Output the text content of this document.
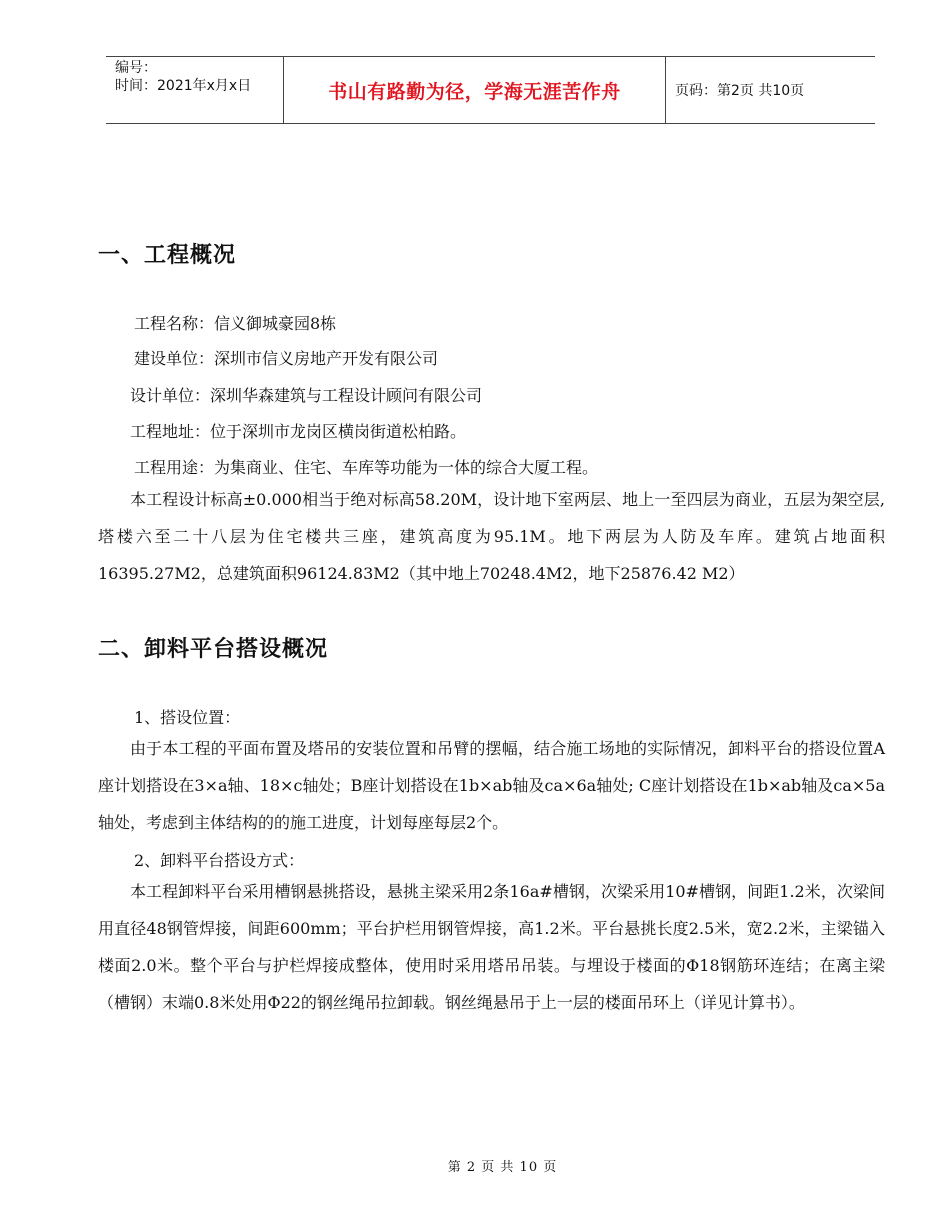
编号：
时间：2021年x月x日	书山有路勤为径，学海无涯苦作舟	页码：第2页 共10页
一、工程概况
工程名称：信义御城豪园8栋
建设单位：深圳市信义房地产开发有限公司
设计单位：深圳华森建筑与工程设计顾问有限公司
工程地址：位于深圳市龙岗区横岗街道松柏路。
工程用途：为集商业、住宅、车库等功能为一体的综合大厦工程。
本工程设计标高±0.000相当于绝对标高58.20M，设计地下室两层、地上一至四层为商业，五层为架空层,塔楼六至二十八层为住宅楼共三座，建筑高度为95.1M。地下两层为人防及车库。建筑占地面积16395.27M2，总建筑面积96124.83M2（其中地上70248.4M2，地下25876.42 M2）
二、卸料平台搭设概况
1、搭设位置：
由于本工程的平面布置及塔吊的安装位置和吊臂的摆幅，结合施工场地的实际情况，卸料平台的搭设位置A座计划搭设在3×a轴、18×c轴处；B座计划搭设在1b×ab轴及ca×6a轴处; C座计划搭设在1b×ab轴及ca×5a轴处，考虑到主体结构的的施工进度，计划每座每层2个。
2、卸料平台搭设方式：
本工程卸料平台采用槽钢悬挑搭设，悬挑主梁采用2条16a#槽钢，次梁采用10#槽钢，间距1.2米，次梁间用直径48钢管焊接，间距600mm；平台护栏用钢管焊接，高1.2米。平台悬挑长度2.5米，宽2.2米，主梁锚入楼面2.0米。整个平台与护栏焊接成整体，使用时采用塔吊吊装。与埋设于楼面的Φ18钢筋环连结；在离主梁（槽钢）末端0.8米处用Φ22的钢丝绳吊拉卸载。钢丝绳悬吊于上一层的楼面吊环上（详见计算书）。
第 2 页 共 10 页
